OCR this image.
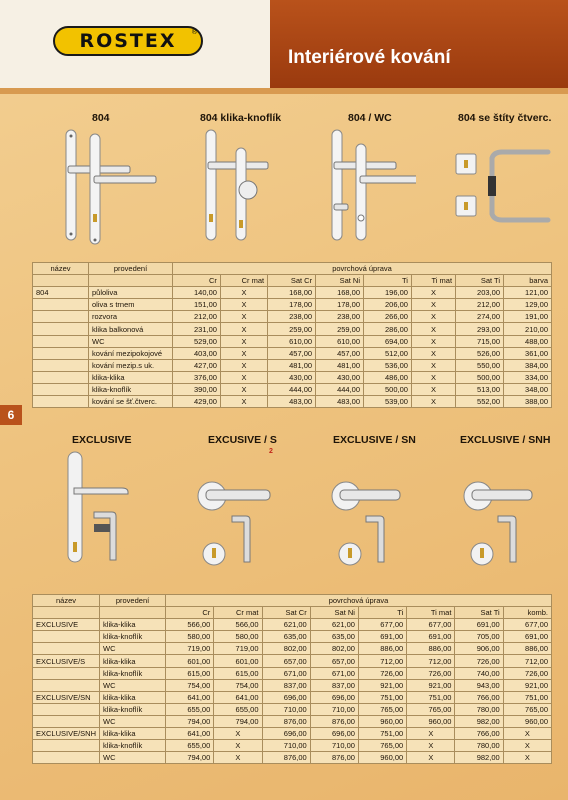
ROSTEX ®
Interiérové kování
804	804 klika-knoflík	804 / WC	804 se štíty čtverc.
název	provedení	povrchová úprava							
		Cr	Cr mat	Sat Cr	Sat Ni	Ti	Ti mat	Sat Ti	barva
804	půloliva	140,00	X	168,00	168,00	196,00	X	203,00	121,00
	oliva s trnem	151,00	X	178,00	178,00	206,00	X	212,00	129,00
	rozvora	212,00	X	238,00	238,00	266,00	X	274,00	191,00
	klika balkonová	231,00	X	259,00	259,00	286,00	X	293,00	210,00
	WC	529,00	X	610,00	610,00	694,00	X	715,00	488,00
	kování mezipokojové	403,00	X	457,00	457,00	512,00	X	526,00	361,00
	kování mezip.s uk.	427,00	X	481,00	481,00	536,00	X	550,00	384,00
	klika-klika	376,00	X	430,00	430,00	486,00	X	500,00	334,00
	klika-knoflík	390,00	X	444,00	444,00	500,00	X	513,00	348,00
	kování se šť.čtverc.	429,00	X	483,00	483,00	539,00	X	552,00	388,00
6
EXCLUSIVE	EXCUSIVE / S	EXCLUSIVE / SN	EXCLUSIVE / SNH
2
název	provedení	povrchová úprava							
		Cr	Cr mat	Sat Cr	Sat Ni	Ti	Ti mat	Sat Ti	komb.
EXCLUSIVE	klika-klika	566,00	566,00	621,00	621,00	677,00	677,00	691,00	677,00
	klika-knoflík	580,00	580,00	635,00	635,00	691,00	691,00	705,00	691,00
	WC	719,00	719,00	802,00	802,00	886,00	886,00	906,00	886,00
EXCLUSIVE/S	klika-klika	601,00	601,00	657,00	657,00	712,00	712,00	726,00	712,00
	klika-knoflík	615,00	615,00	671,00	671,00	726,00	726,00	740,00	726,00
	WC	754,00	754,00	837,00	837,00	921,00	921,00	943,00	921,00
EXCLUSIVE/SN	klika-klika	641,00	641,00	696,00	696,00	751,00	751,00	766,00	751,00
	klika-knoflík	655,00	655,00	710,00	710,00	765,00	765,00	780,00	765,00
	WC	794,00	794,00	876,00	876,00	960,00	960,00	982,00	960,00
EXCLUSIVE/SNH	klika-klika	641,00	X	696,00	696,00	751,00	X	766,00	X
	klika-knoflík	655,00	X	710,00	710,00	765,00	X	780,00	X
	WC	794,00	X	876,00	876,00	960,00	X	982,00	X
